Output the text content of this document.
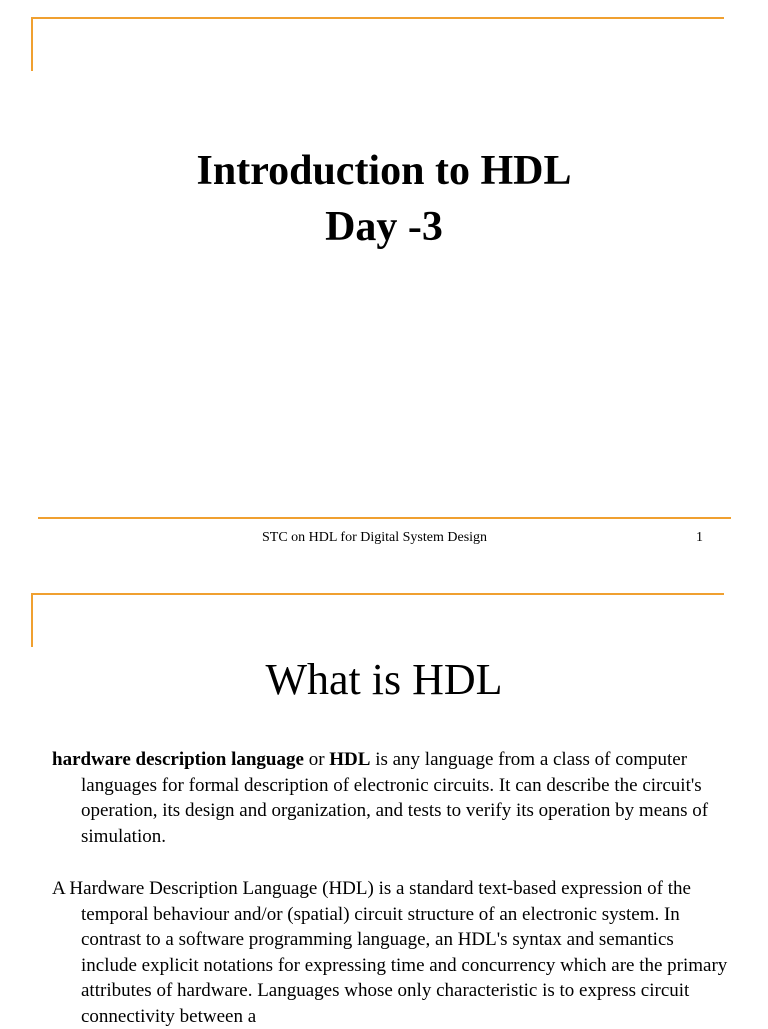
Introduction to HDL
Day -3
STC on HDL for Digital System Design	1
What is HDL
hardware description language or HDL is any language from a class of computer languages for formal description of electronic circuits. It can describe the circuit's operation, its design and organization, and tests to verify its operation by means of simulation.
A Hardware Description Language (HDL) is a standard text-based expression of the temporal behaviour and/or (spatial) circuit structure of an electronic system. In contrast to a software programming language, an HDL's syntax and semantics include explicit notations for expressing time and concurrency which are the primary attributes of hardware. Languages whose only characteristic is to express circuit connectivity between a
